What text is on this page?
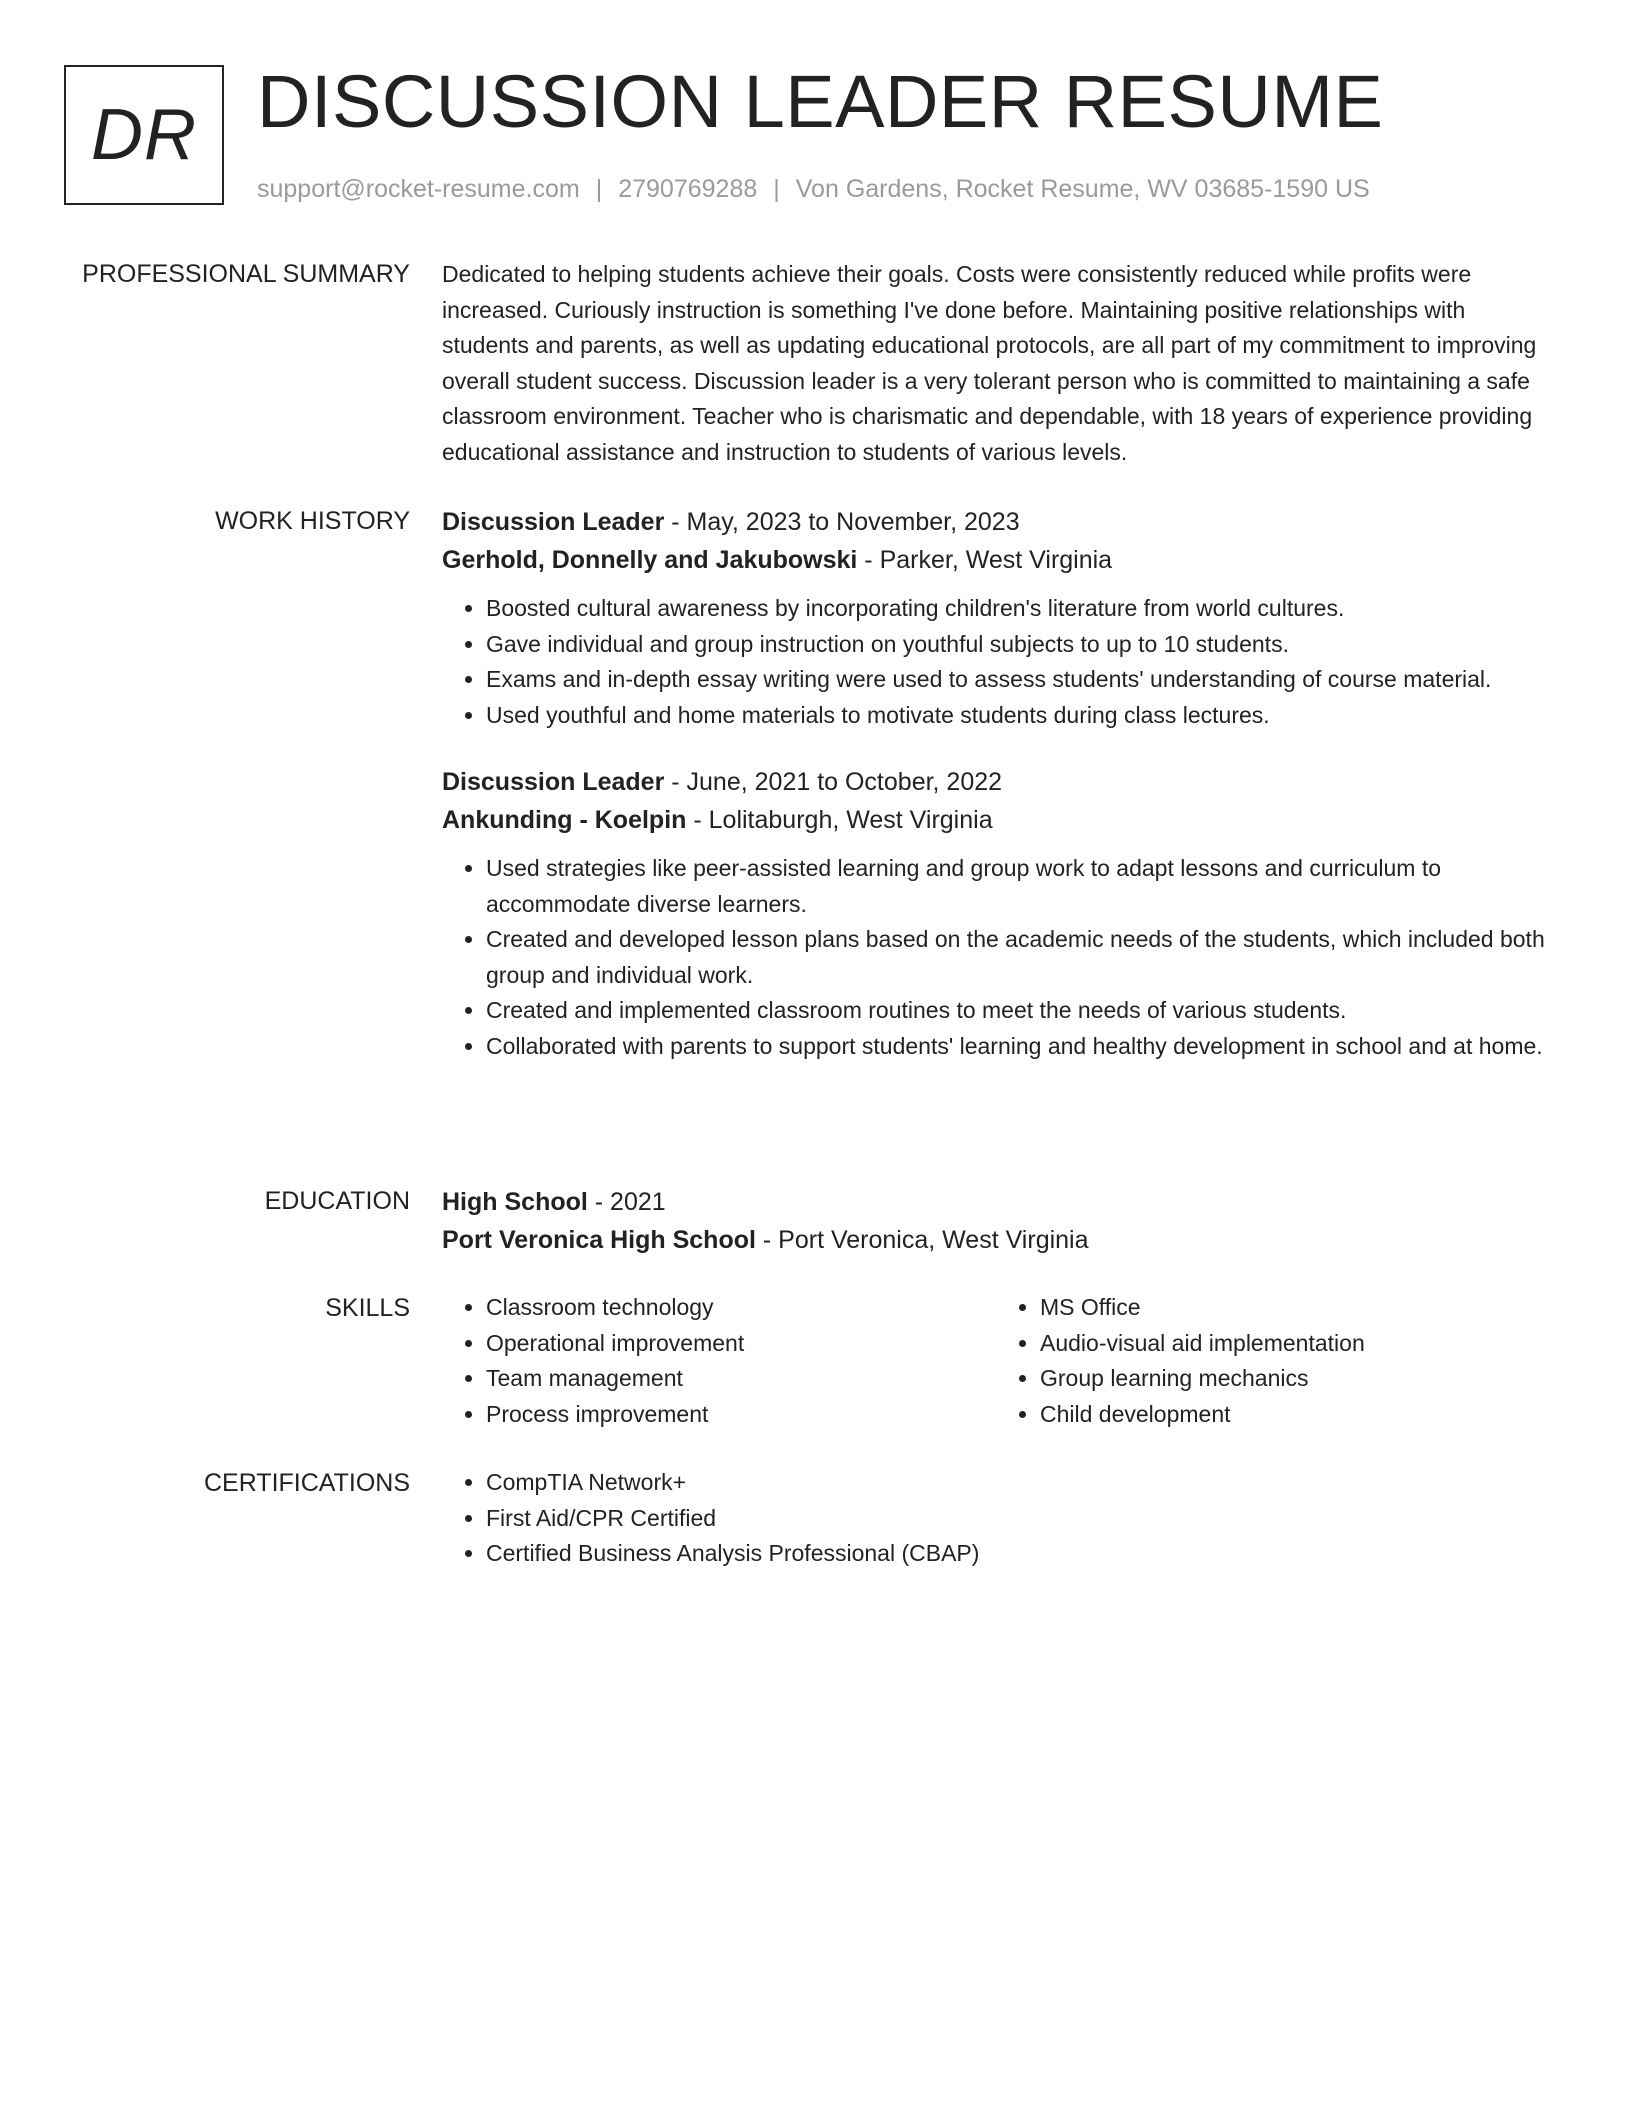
DR DISCUSSION LEADER RESUME
support@rocket-resume.com | 2790769288 | Von Gardens, Rocket Resume, WV 03685-1590 US
PROFESSIONAL SUMMARY Dedicated to helping students achieve their goals. Costs were consistently reduced while profits were increased. Curiously instruction is something I've done before. Maintaining positive relationships with students and parents, as well as updating educational protocols, are all part of my commitment to improving overall student success. Discussion leader is a very tolerant person who is committed to maintaining a safe classroom environment. Teacher who is charismatic and dependable, with 18 years of experience providing educational assistance and instruction to students of various levels.

WORK HISTORY Discussion Leader - May, 2023 to November, 2023
Gerhold, Donnelly and Jakubowski - Parker, West Virginia
• Boosted cultural awareness by incorporating children's literature from world cultures.
• Gave individual and group instruction on youthful subjects to up to 10 students.
• Exams and in-depth essay writing were used to assess students' understanding of course material.
• Used youthful and home materials to motivate students during class lectures.
Discussion Leader - June, 2021 to October, 2022
Ankunding - Koelpin - Lolitaburgh, West Virginia
• Used strategies like peer-assisted learning and group work to adapt lessons and curriculum to accommodate diverse learners.
• Created and developed lesson plans based on the academic needs of the students, which included both group and individual work.
• Created and implemented classroom routines to meet the needs of various students.
• Collaborated with parents to support students' learning and healthy development in school and at home.
EDUCATION High School - 2021
Port Veronica High School - Port Veronica, West Virginia
SKILLS	• Classroom technology
• Operational improvement
• Team management
• Process improvement
• MS Office
• Audio-visual aid implementation
• Group learning mechanics
• Child development
CERTIFICATIONS	• CompTIA Network+
• First Aid/CPR Certified
• Certified Business Analysis Professional (CBAP)
